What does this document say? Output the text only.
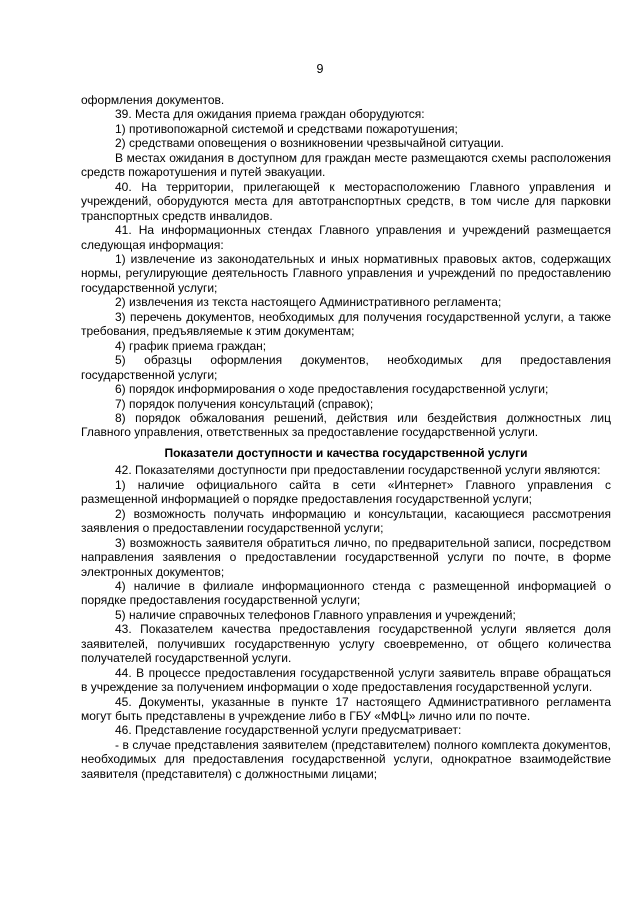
9

оформления документов.

39. Места для ожидания приема граждан оборудуются:

1) противопожарной системой и средствами пожаротушения;

2) средствами оповещения о возникновении чрезвычайной ситуации.

В местах ожидания в доступном для граждан месте размещаются схемы расположения средств пожаротушения и путей эвакуации.

40. На территории, прилегающей к месторасположению Главного управления и учреждений, оборудуются места для автотранспортных средств, в том числе для парковки транспортных средств инвалидов.

41. На информационных стендах Главного управления и учреждений размещается следующая информация:

1) извлечение из законодательных и иных нормативных правовых актов, содержащих нормы, регулирующие деятельность Главного управления и учреждений по предоставлению государственной услуги;

2) извлечения из текста настоящего Административного регламента;

3) перечень документов, необходимых для получения государственной услуги, а также требования, предъявляемые к этим документам;

4) график приема граждан;

5) образцы оформления документов, необходимых для предоставления государственной услуги;

6) порядок информирования о ходе предоставления государственной услуги;

7) порядок получения консультаций (справок);

8) порядок обжалования решений, действия или бездействия должностных лиц Главного управления, ответственных за предоставление государственной услуги.

Показатели доступности и качества государственной услуги

42. Показателями доступности при предоставлении государственной услуги являются:

1) наличие официального сайта в сети «Интернет» Главного управления с размещенной информацией о порядке предоставления государственной услуги;

2) возможность получать информацию и консультации, касающиеся рассмотрения заявления о предоставлении государственной услуги;

3) возможность заявителя обратиться лично, по предварительной записи, посредством направления заявления о предоставлении государственной услуги по почте, в форме электронных документов;

4) наличие в филиале информационного стенда с размещенной информацией о порядке предоставления государственной услуги;

5) наличие справочных телефонов Главного управления и учреждений;

43. Показателем качества предоставления государственной услуги является доля заявителей, получивших государственную услугу своевременно, от общего количества получателей государственной услуги.

44. В процессе предоставления государственной услуги заявитель вправе обращаться в учреждение за получением информации о ходе предоставления государственной услуги.

45. Документы, указанные в пункте 17 настоящего Административного регламента могут быть представлены в учреждение либо в ГБУ «МФЦ» лично или по почте.

46. Представление государственной услуги предусматривает:

- в случае представления заявителем (представителем) полного комплекта документов, необходимых для предоставления государственной услуги, однократное взаимодействие заявителя (представителя) с должностными лицами;
